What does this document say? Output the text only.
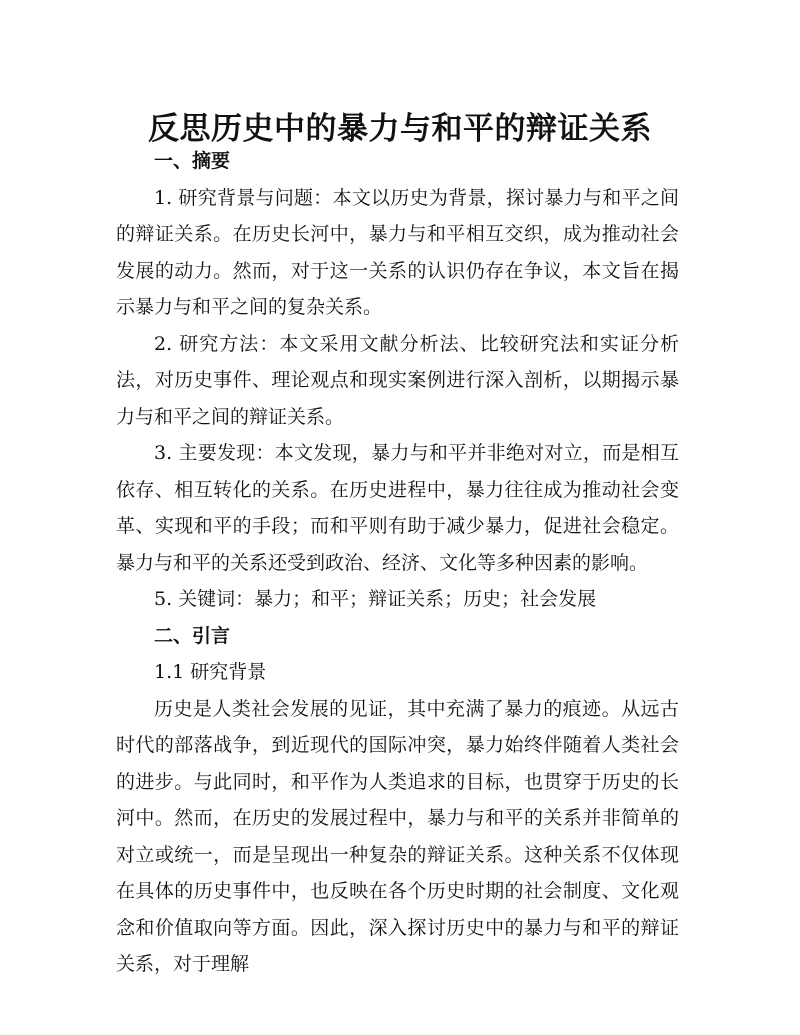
反思历史中的暴力与和平的辩证关系
一、摘要

1. 研究背景与问题：本文以历史为背景，探讨暴力与和平之间的辩证关系。在历史长河中，暴力与和平相互交织，成为推动社会发展的动力。然而，对于这一关系的认识仍存在争议，本文旨在揭示暴力与和平之间的复杂关系。

2. 研究方法：本文采用文献分析法、比较研究法和实证分析法，对历史事件、理论观点和现实案例进行深入剖析，以期揭示暴力与和平之间的辩证关系。

3. 主要发现：本文发现，暴力与和平并非绝对对立，而是相互依存、相互转化的关系。在历史进程中，暴力往往成为推动社会变革、实现和平的手段；而和平则有助于减少暴力，促进社会稳定。暴力与和平的关系还受到政治、经济、文化等多种因素的影响。

5. 关键词：暴力；和平；辩证关系；历史；社会发展

二、引言

1.1 研究背景

历史是人类社会发展的见证，其中充满了暴力的痕迹。从远古时代的部落战争，到近现代的国际冲突，暴力始终伴随着人类社会的进步。与此同时，和平作为人类追求的目标，也贯穿于历史的长河中。然而，在历史的发展过程中，暴力与和平的关系并非简单的对立或统一，而是呈现出一种复杂的辩证关系。这种关系不仅体现在具体的历史事件中，也反映在各个历史时期的社会制度、文化观念和价值取向等方面。因此，深入探讨历史中的暴力与和平的辩证关系，对于理解
